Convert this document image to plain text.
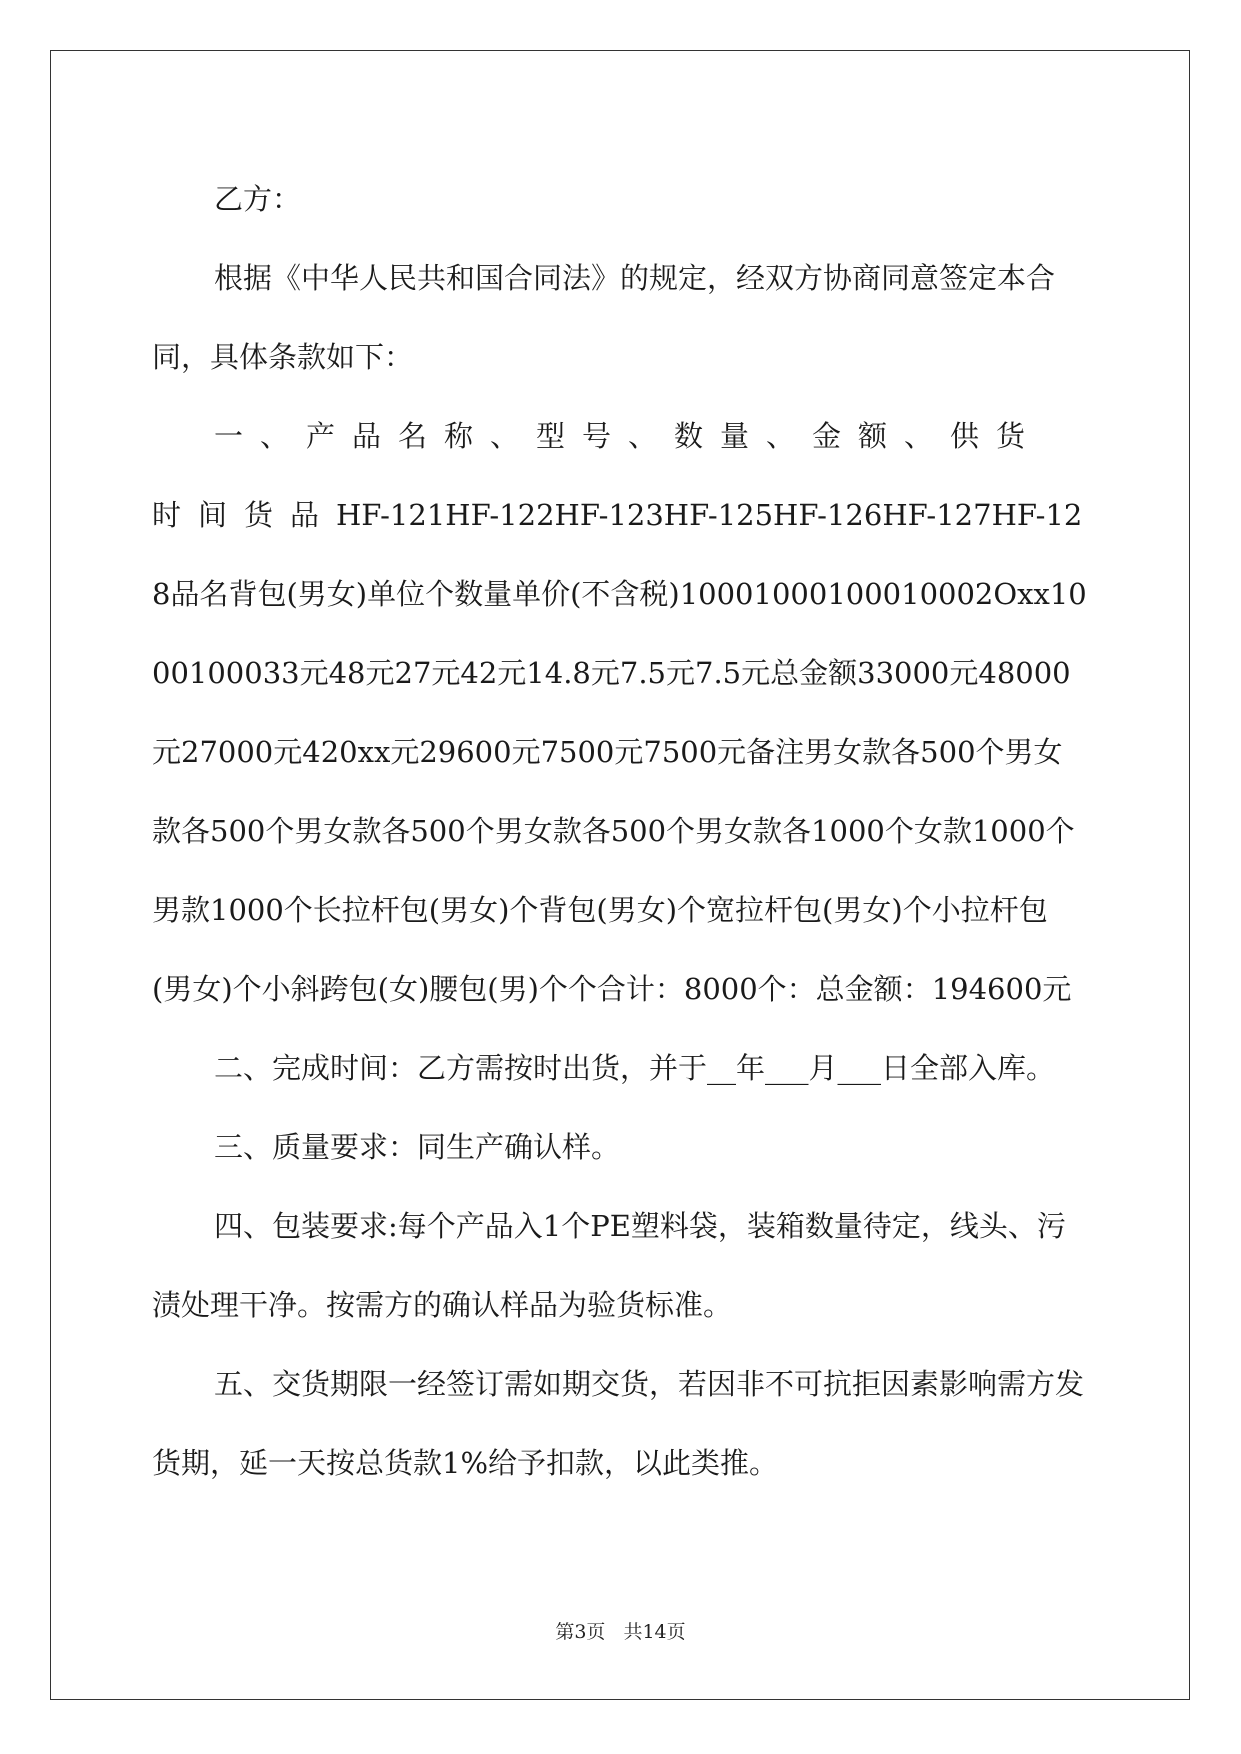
乙方：

根据《中华人民共和国合同法》的规定，经双方协商同意签定本合同，具体条款如下：

一、产品名称、型号、数量、金额、供货时间货品HF-121HF-122HF-123HF-125HF-126HF-127HF-128品名背包(男女)单位个数量单价(不含税)10001000100010002Oxx1000100033元48元27元42元14.8元7.5元7.5元总金额33000元48000元27000元420xx元29600元7500元7500元备注男女款各500个男女款各500个男女款各500个男女款各500个男女款各1000个女款1000个男款1000个长拉杆包(男女)个背包(男女)个宽拉杆包(男女)个小拉杆包(男女)个小斜跨包(女)腰包(男)个个合计：8000个：总金额：194600元

二、完成时间：乙方需按时出货，并于__年___月___日全部入库。

三、质量要求：同生产确认样。

四、包装要求:每个产品入1个PE塑料袋，装箱数量待定，线头、污渍处理干净。按需方的确认样品为验货标准。

五、交货期限一经签订需如期交货，若因非不可抗拒因素影响需方发货期，延一天按总货款1%给予扣款，以此类推。

第3页 共14页
